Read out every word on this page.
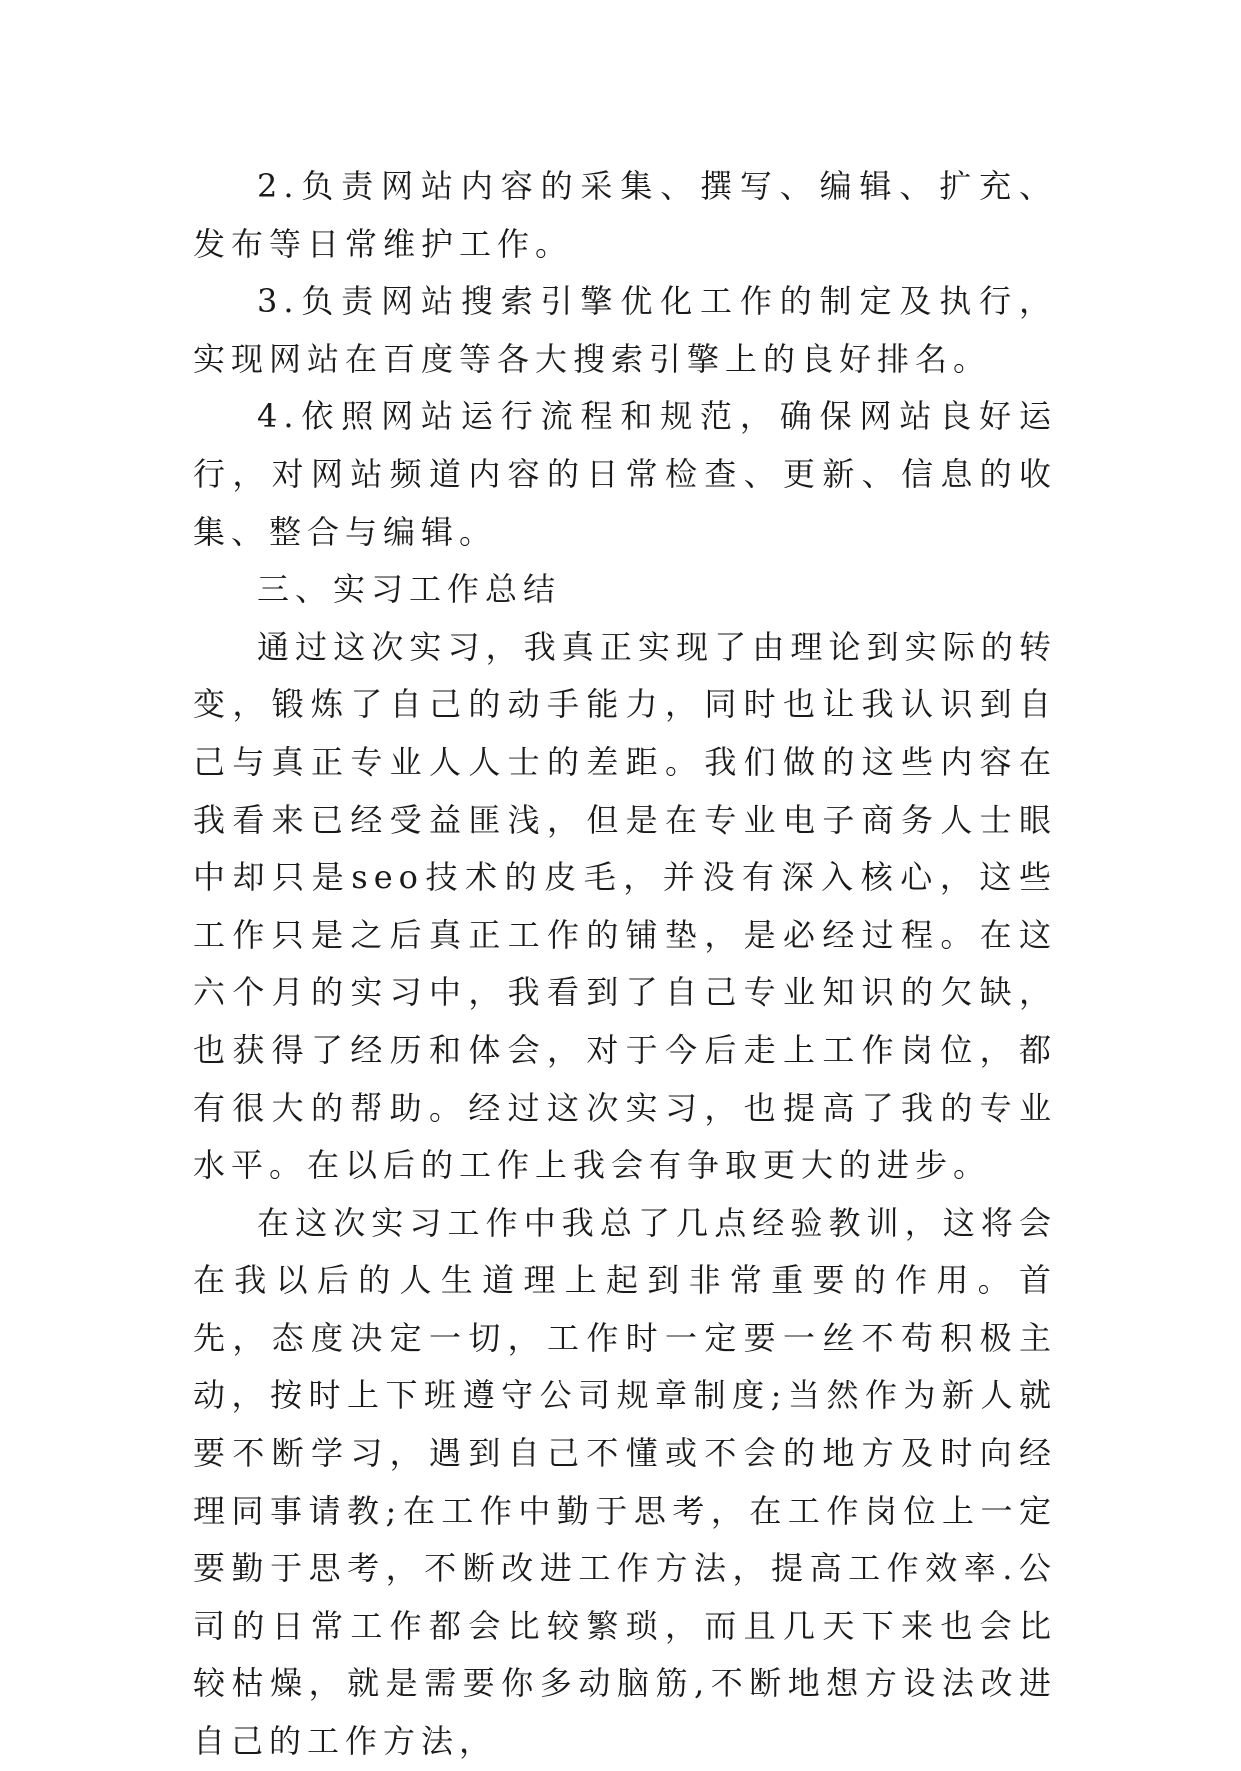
2.负责网站内容的采集、撰写、编辑、扩充、发布等日常维护工作。

3.负责网站搜索引擎优化工作的制定及执行，实现网站在百度等各大搜索引擎上的良好排名。

4.依照网站运行流程和规范，确保网站良好运行，对网站频道内容的日常检查、更新、信息的收集、整合与编辑。

三、实习工作总结

通过这次实习，我真正实现了由理论到实际的转变，锻炼了自己的动手能力，同时也让我认识到自己与真正专业人人士的差距。我们做的这些内容在我看来已经受益匪浅，但是在专业电子商务人士眼中却只是seo技术的皮毛，并没有深入核心，这些工作只是之后真正工作的铺垫，是必经过程。在这六个月的实习中，我看到了自己专业知识的欠缺，也获得了经历和体会，对于今后走上工作岗位，都有很大的帮助。经过这次实习，也提高了我的专业水平。在以后的工作上我会有争取更大的进步。

在这次实习工作中我总了几点经验教训，这将会在我以后的人生道理上起到非常重要的作用。首先，态度决定一切，工作时一定要一丝不苟积极主动，按时上下班遵守公司规章制度;当然作为新人就要不断学习，遇到自己不懂或不会的地方及时向经理同事请教;在工作中勤于思考，在工作岗位上一定要勤于思考，不断改进工作方法，提高工作效率.公司的日常工作都会比较繁琐，而且几天下来也会比较枯燥，就是需要你多动脑筋,不断地想方设法改进自己的工作方法，
